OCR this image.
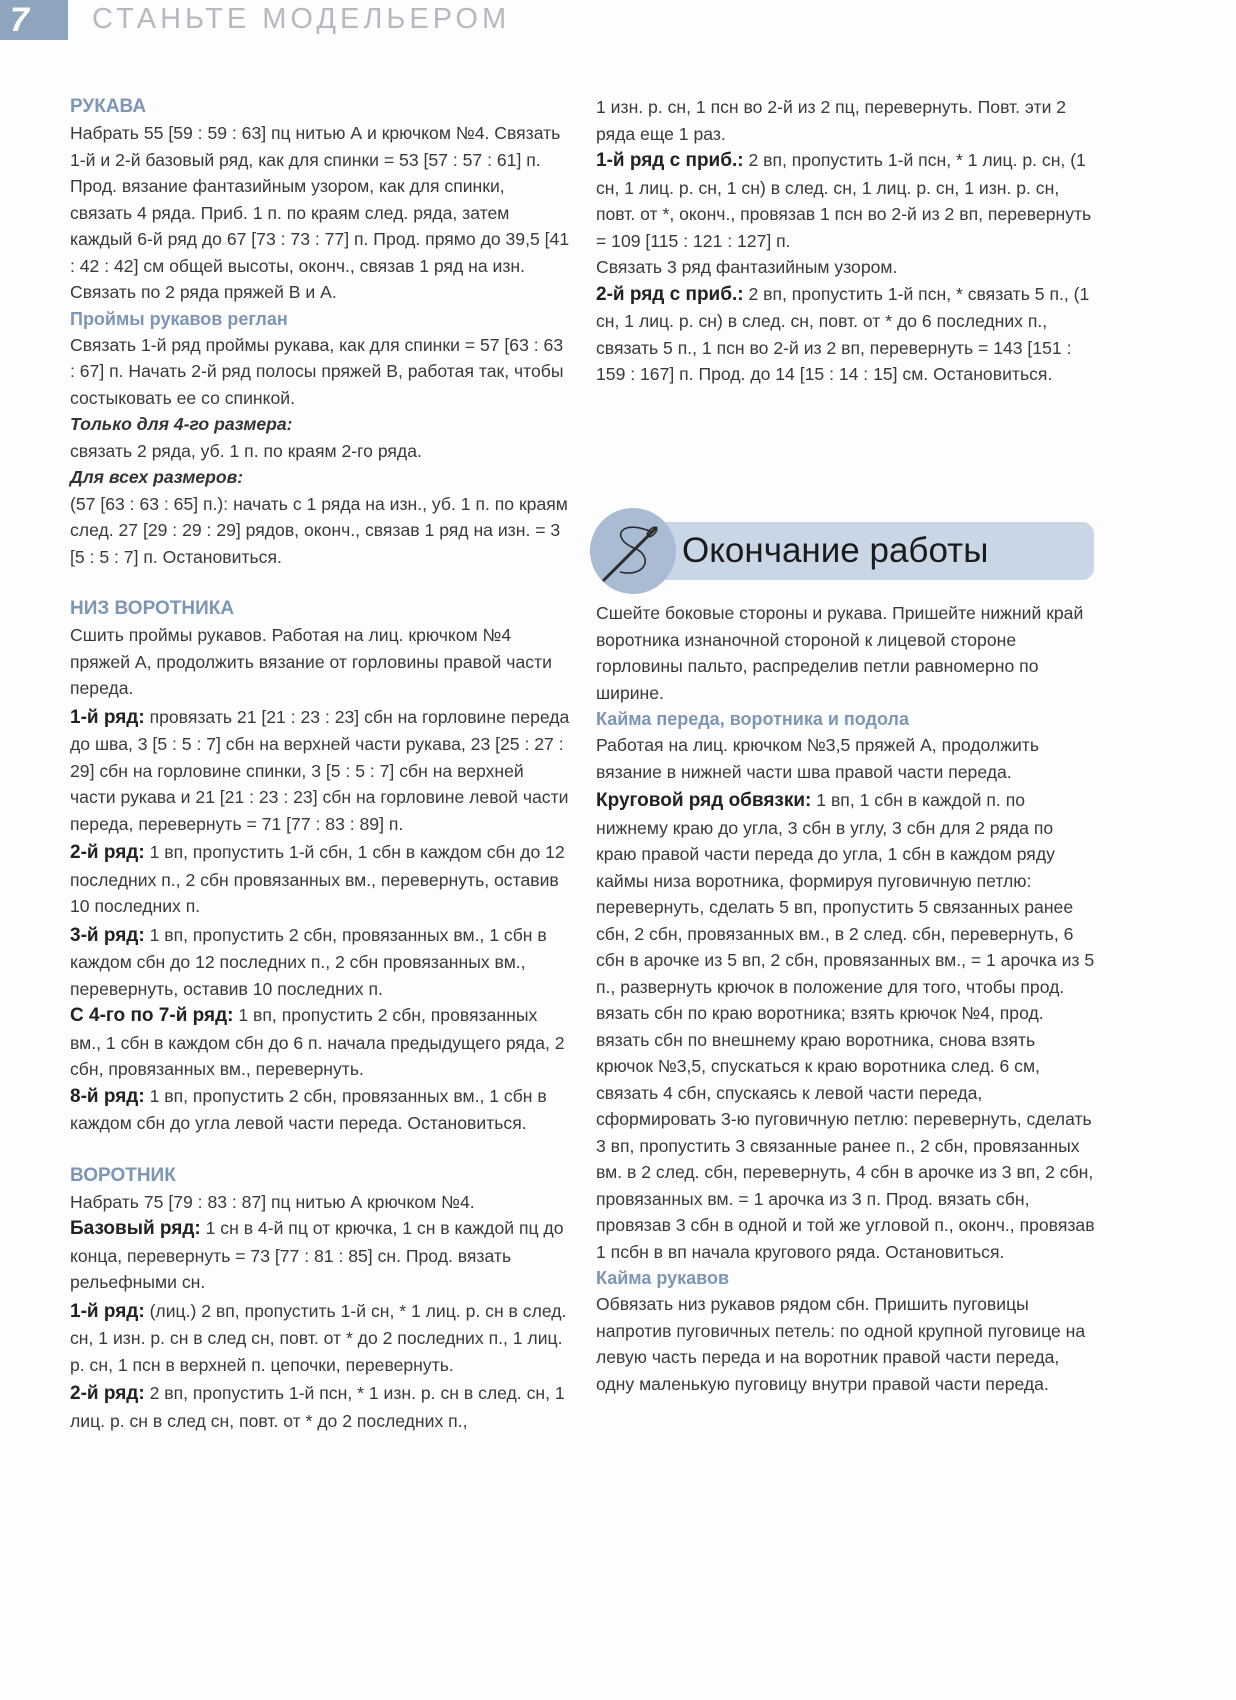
7	СТАНЬТЕ МОДЕЛЬЕРОМ
РУКАВА

Набрать 55 [59 : 59 : 63] пц нитью А и крючком №4. Связать 1-й и 2-й базовый ряд, как для спинки = 53 [57 : 57 : 61] п. Прод. вязание фантазийным узором, как для спинки, связать 4 ряда. Приб. 1 п. по краям след. ряда, затем каждый 6-й ряд до 67 [73 : 73 : 77] п. Прод. прямо до 39,5 [41 : 42 : 42] см общей высоты, оконч., связав 1 ряд на изн. Связать по 2 ряда пряжей В и А.

Проймы рукавов реглан

Связать 1-й ряд проймы рукава, как для спинки = 57 [63 : 63 : 67] п. Начать 2-й ряд полосы пряжей В, работая так, чтобы состыковать ее со спинкой.

Только для 4-го размера:

связать 2 ряда, уб. 1 п. по краям 2-го ряда.

Для всех размеров:

(57 [63 : 63 : 65] п.): начать с 1 ряда на изн., уб. 1 п. по краям след. 27 [29 : 29 : 29] рядов, оконч., связав 1 ряд на изн. = 3 [5 : 5 : 7] п. Остановиться.

НИЗ ВОРОТНИКА

Сшить проймы рукавов. Работая на лиц. крючком №4 пряжей А, продолжить вязание от горловины правой части переда.

1-й ряд: провязать 21 [21 : 23 : 23] сбн на горловине переда до шва, 3 [5 : 5 : 7] сбн на верхней части рукава, 23 [25 : 27 : 29] сбн на горловине спинки, 3 [5 : 5 : 7] сбн на верхней части рукава и 21 [21 : 23 : 23] сбн на горловине левой части переда, перевернуть = 71 [77 : 83 : 89] п.

2-й ряд: 1 вп, пропустить 1-й сбн, 1 сбн в каждом сбн до 12 последних п., 2 сбн провязанных вм., перевернуть, оставив 10 последних п.

3-й ряд: 1 вп, пропустить 2 сбн, провязанных вм., 1 сбн в каждом сбн до 12 последних п., 2 сбн провязанных вм., перевернуть, оставив 10 последних п.

С 4-го по 7-й ряд: 1 вп, пропустить 2 сбн, провязанных вм., 1 сбн в каждом сбн до 6 п. начала предыдущего ряда, 2 сбн, провязанных вм., перевернуть.

8-й ряд: 1 вп, пропустить 2 сбн, провязанных вм., 1 сбн в каждом сбн до угла левой части переда. Остановиться.

ВОРОТНИК

Набрать 75 [79 : 83 : 87] пц нитью А крючком №4.

Базовый ряд: 1 сн в 4-й пц от крючка, 1 сн в каждой пц до конца, перевернуть = 73 [77 : 81 : 85] сн. Прод. вязать рельефными сн.

1-й ряд: (лиц.) 2 вп, пропустить 1-й сн, * 1 лиц. р. сн в след. сн, 1 изн. р. сн в след сн, повт. от * до 2 последних п., 1 лиц. р. сн, 1 псн в верхней п. цепочки, перевернуть.

2-й ряд: 2 вп, пропустить 1-й псн, * 1 изн. р. сн в след. сн, 1 лиц. р. сн в след сн, повт. от * до 2 последних п.,

1 изн. р. сн, 1 псн во 2-й из 2 пц, перевернуть. Повт. эти 2 ряда еще 1 раз.

1-й ряд с приб.: 2 вп, пропустить 1-й псн, * 1 лиц. р. сн, (1 сн, 1 лиц. р. сн, 1 сн) в след. сн, 1 лиц. р. сн, 1 изн. р. сн, повт. от *, оконч., провязав 1 псн во 2-й из 2 вп, перевернуть = 109 [115 : 121 : 127] п.

Связать 3 ряд фантазийным узором.

2-й ряд с приб.: 2 вп, пропустить 1-й псн, * связать 5 п., (1 сн, 1 лиц. р. сн) в след. сн, повт. от * до 6 последних п., связать 5 п., 1 псн во 2-й из 2 вп, перевернуть = 143 [151 : 159 : 167] п. Прод. до 14 [15 : 14 : 15] см. Остановиться.

Окончание работы

Сшейте боковые стороны и рукава. Пришейте нижний край воротника изнаночной стороной к лицевой стороне горловины пальто, распределив петли равномерно по ширине.

Кайма переда, воротника и подола

Работая на лиц. крючком №3,5 пряжей А, продолжить вязание в нижней части шва правой части переда.

Круговой ряд обвязки: 1 вп, 1 сбн в каждой п. по нижнему краю до угла, 3 сбн в углу, 3 сбн для 2 ряда по краю правой части переда до угла, 1 сбн в каждом ряду каймы низа воротника, формируя пуговичную петлю: перевернуть, сделать 5 вп, пропустить 5 связанных ранее сбн, 2 сбн, провязанных вм., в 2 след. сбн, перевернуть, 6 сбн в арочке из 5 вп, 2 сбн, провязанных вм., = 1 арочка из 5 п., развернуть крючок в положение для того, чтобы прод. вязать сбн по краю воротника; взять крючок №4, прод. вязать сбн по внешнему краю воротника, снова взять крючок №3,5, спускаться к краю воротника след. 6 см, связать 4 сбн, спускаясь к левой части переда, сформировать 3-ю пуговичную петлю: перевернуть, сделать 3 вп, пропустить 3 связанные ранее п., 2 сбн, провязанных вм. в 2 след. сбн, перевернуть, 4 сбн в арочке из 3 вп, 2 сбн, провязанных вм. = 1 арочка из 3 п. Прод. вязать сбн, провязав 3 сбн в одной и той же угловой п., оконч., провязав 1 псбн в вп начала кругового ряда. Остановиться.

Кайма рукавов

Обвязать низ рукавов рядом сбн. Пришить пуговицы напротив пуговичных петель: по одной крупной пуговице на левую часть переда и на воротник правой части переда, одну маленькую пуговицу внутри правой части переда.
